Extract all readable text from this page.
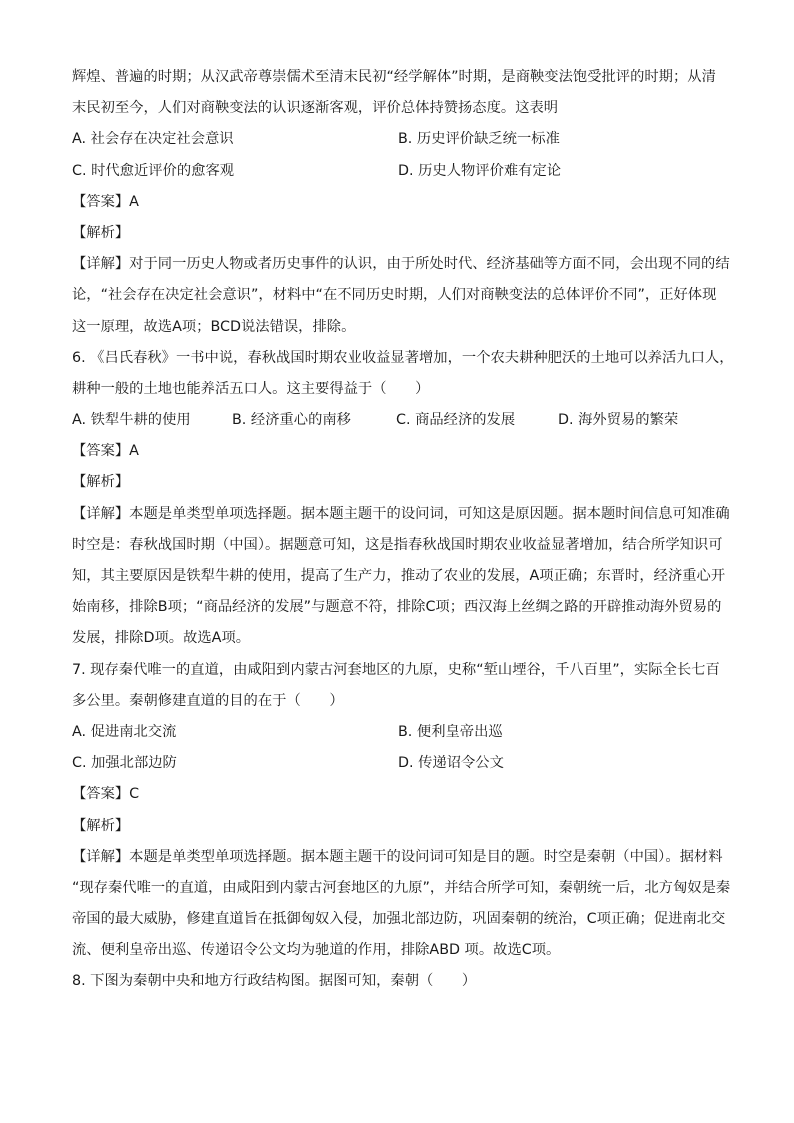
辉煌、普遍的时期；从汉武帝尊崇儒术至清末民初“经学解体”时期，是商鞅变法饱受批评的时期；从清
末民初至今，人们对商鞅变法的认识逐渐客观，评价总体持赞扬态度。这表明
A. 社会存在决定社会意识	B. 历史评价缺乏统一标准
C. 时代愈近评价的愈客观	D. 历史人物评价难有定论
【答案】A
【解析】
【详解】对于同一历史人物或者历史事件的认识，由于所处时代、经济基础等方面不同，会出现不同的结
论，“社会存在决定社会意识”，材料中“在不同历史时期，人们对商鞅变法的总体评价不同”，正好体现
这一原理，故选A项；BCD说法错误，排除。
6. 《吕氏春秋》一书中说，春秋战国时期农业收益显著增加，一个农夫耕种肥沃的土地可以养活九口人，
耕种一般的土地也能养活五口人。这主要得益于（　　）
A. 铁犁牛耕的使用	B. 经济重心的南移	C. 商品经济的发展	D. 海外贸易的繁荣
【答案】A
【解析】
【详解】本题是单类型单项选择题。据本题主题干的设问词，可知这是原因题。据本题时间信息可知准确
时空是：春秋战国时期（中国）。据题意可知，这是指春秋战国时期农业收益显著增加，结合所学知识可
知，其主要原因是铁犁牛耕的使用，提高了生产力，推动了农业的发展，A项正确；东晋时，经济重心开
始南移，排除B项；“商品经济的发展”与题意不符，排除C项；西汉海上丝绸之路的开辟推动海外贸易的
发展，排除D项。故选A项。
7. 现存秦代唯一的直道，由咸阳到内蒙古河套地区的九原，史称“堑山堙谷，千八百里”，实际全长七百
多公里。秦朝修建直道的目的在于（　　）
A. 促进南北交流	B. 便利皇帝出巡
C. 加强北部边防	D. 传递诏令公文
【答案】C
【解析】
【详解】本题是单类型单项选择题。据本题主题干的设问词可知是目的题。时空是秦朝（中国）。据材料
“现存秦代唯一的直道，由咸阳到内蒙古河套地区的九原”，并结合所学可知，秦朝统一后，北方匈奴是秦
帝国的最大威胁，修建直道旨在抵御匈奴入侵，加强北部边防，巩固秦朝的统治，C项正确；促进南北交
流、便利皇帝出巡、传递诏令公文均为驰道的作用，排除ABD 项。故选C项。
8. 下图为秦朝中央和地方行政结构图。据图可知，秦朝（　　）
